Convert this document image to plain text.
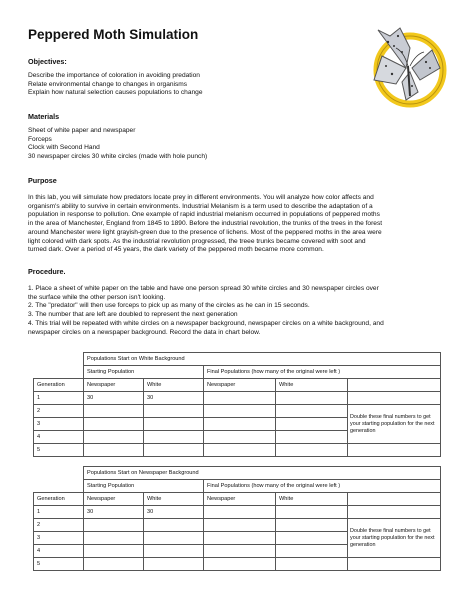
Peppered Moth Simulation
Objectives:
Describe the importance of coloration in avoiding predation
Relate environmental change to changes in organisms
Explain how natural selection causes populations to change
Materials
Sheet of white paper and newspaper
Forceps
Clock with Second Hand
30 newspaper circles 30 white circles (made with hole punch)
Purpose
In this lab, you will simulate how predators locate prey in different environments. You will analyze how color affects and
organism's ability to survive in certain environments. Industrial Melanism is a term used to describe the adaptation of a
population in response to pollution. One example of rapid industrial melanism occurred in populations of peppered moths
in the area of Manchester, England from 1845 to 1890. Before the industrial revolution, the trunks of the trees in the forest
around Manchester were light grayish-green due to the presence of lichens. Most of the peppered moths in the area were
light colored with dark spots. As the industrial revolution progressed, the treee trunks became covered with soot and
turned dark. Over a period of 45 years, the dark variety of the peppered moth became more common.
Procedure.
1. Place a sheet of white paper on the table and have one person spread 30 white circles and 30 newspaper circles over
the surface while the other person isn't looking.
2. The "predator" will then use forceps to pick up as many of the circles as he can in 15 seconds.
3. The number that are left are doubled to represent the next generation
4. This trial will be repeated with white circles on a newspaper background, newspaper circles on a white background, and
newspaper circles on a newspaper background. Record the data in chart below.
	Populations Start on White Background				
	Starting Population		Final Populations (how many of the original were left )		
Generation	Newspaper	White	Newspaper	White	
1	30	30			
2					Double these final numbers to get your starting population for the next generation
3					
4					
5					
	Populations Start on Newspaper Background				
	Starting Population		Final Populations (how many of the original were left )		
Generation	Newspaper	White	Newspaper	White	
1	30	30			
2					Double these final numbers to get your starting population for the next generation
3					
4					
5					
